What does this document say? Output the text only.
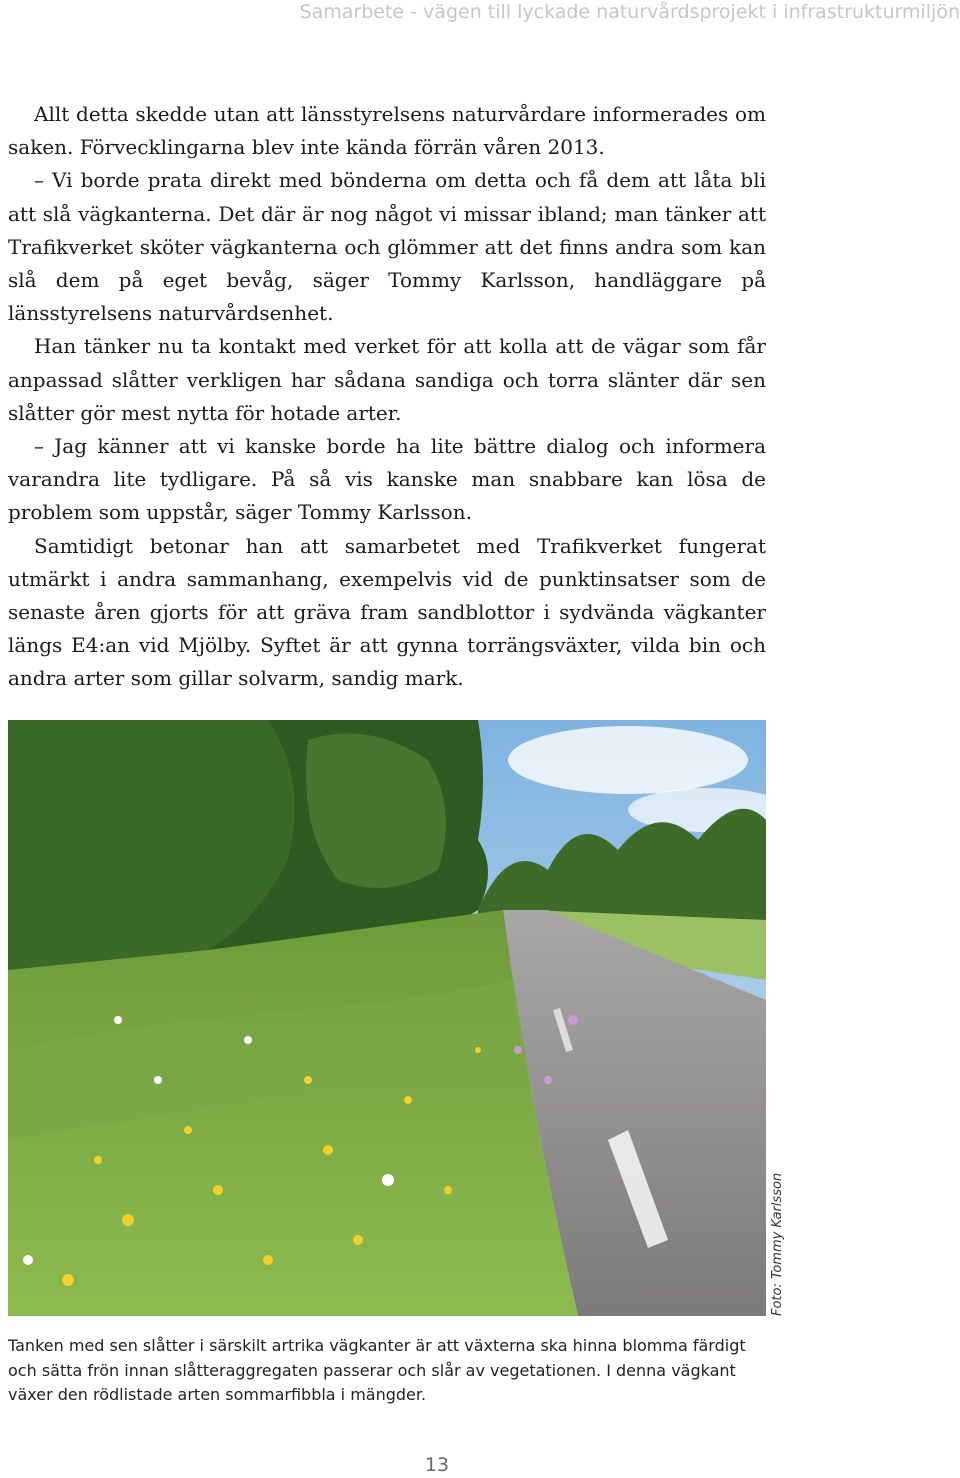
Samarbete - vägen till lyckade naturvårdsprojekt i infrastrukturmiljön

Allt detta skedde utan att länsstyrelsens naturvårdare informerades om saken. Förvecklingarna blev inte kända förrän våren 2013.

– Vi borde prata direkt med bönderna om detta och få dem att låta bli att slå vägkanterna. Det där är nog något vi missar ibland; man tänker att Trafikverket sköter vägkanterna och glömmer att det finns andra som kan slå dem på eget bevåg, säger Tommy Karlsson, handläggare på länsstyrelsens naturvårdsenhet.

Han tänker nu ta kontakt med verket för att kolla att de vägar som får anpassad slåtter verkligen har sådana sandiga och torra slänter där sen slåtter gör mest nytta för hotade arter.

– Jag känner att vi kanske borde ha lite bättre dialog och informera varandra lite tydligare. På så vis kanske man snabbare kan lösa de problem som uppstår, säger Tommy Karlsson.

Samtidigt betonar han att samarbetet med Trafikverket fungerat utmärkt i andra sammanhang, exempelvis vid de punktinsatser som de senaste åren gjorts för att gräva fram sandblottor i sydvända vägkanter längs E4:an vid Mjölby. Syftet är att gynna torrängsväxter, vilda bin och andra arter som gillar solvarm, sandig mark.

Foto: Tommy Karlsson
Tanken med sen slåtter i särskilt artrika vägkanter är att växterna ska hinna blomma färdigt och sätta frön innan slåtteraggregaten passerar och slår av vegetationen. I denna vägkant växer den rödlistade arten sommarfibbla i mängder.
13
